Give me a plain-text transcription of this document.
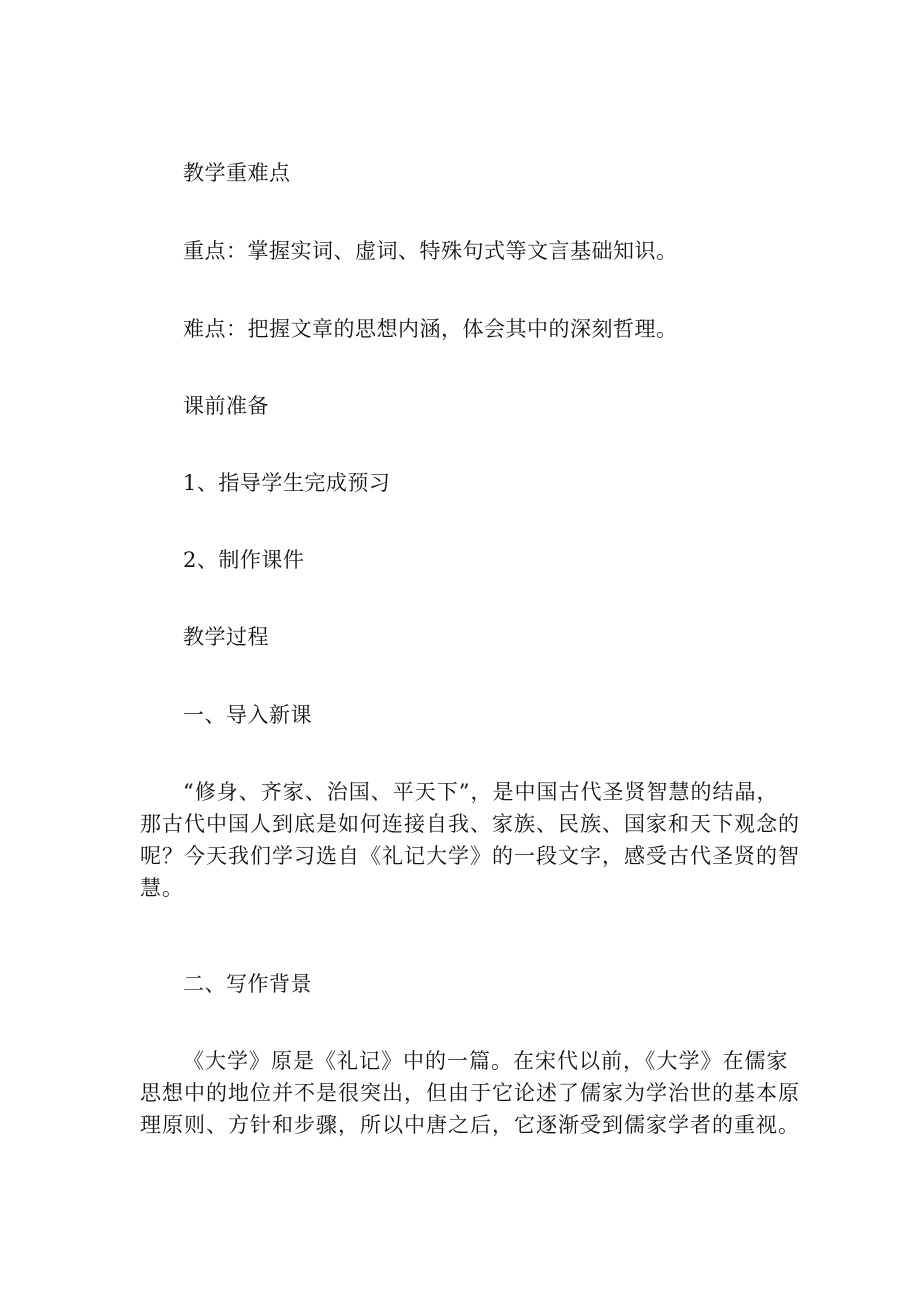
教学重难点
重点：掌握实词、虚词、特殊句式等文言基础知识。
难点：把握文章的思想内涵，体会其中的深刻哲理。
课前准备
1、指导学生完成预习
2、制作课件
教学过程
一、导入新课

“修身、齐家、治国、平天下”，是中国古代圣贤智慧的结晶，

那古代中国人到底是如何连接自我、家族、民族、国家和天下观念的

呢？今天我们学习选自《礼记大学》的一段文字，感受古代圣贤的智

慧。

二、写作背景

《大学》原是《礼记》中的一篇。在宋代以前，《大学》在儒家

思想中的地位并不是很突出，但由于它论述了儒家为学治世的基本原

理原则、方针和步骤，所以中唐之后，它逐渐受到儒家学者的重视。
